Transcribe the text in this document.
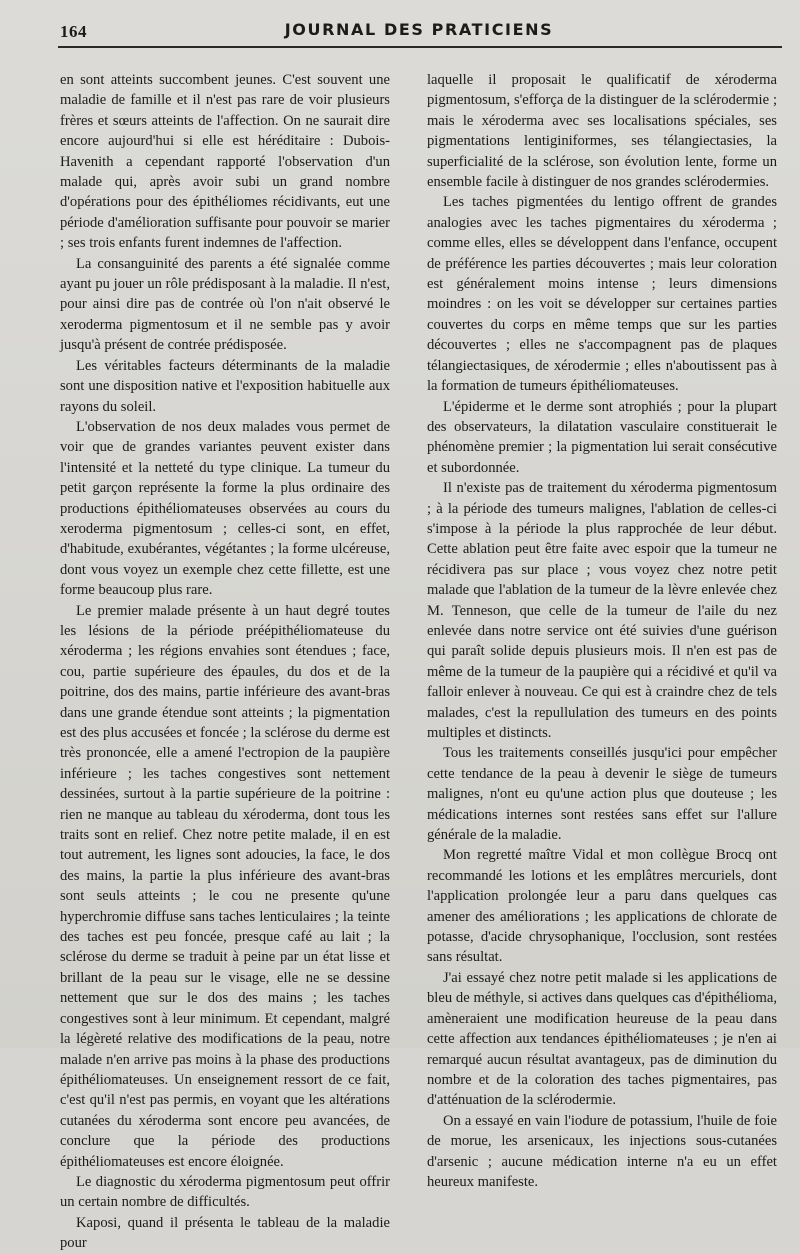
164	JOURNAL DES PRATICIENS

en sont atteints succombent jeunes. C'est souvent une maladie de famille et il n'est pas rare de voir plusieurs frères et sœurs atteints de l'affection. On ne saurait dire encore aujourd'hui si elle est héréditaire : Dubois-Havenith a cependant rapporté l'observation d'un malade qui, après avoir subi un grand nombre d'opérations pour des épithéliomes récidivants, eut une période d'amélioration suffisante pour pouvoir se marier ; ses trois enfants furent indemnes de l'affection.

La consanguinité des parents a été signalée comme ayant pu jouer un rôle prédisposant à la maladie. Il n'est, pour ainsi dire pas de contrée où l'on n'ait observé le xeroderma pigmentosum et il ne semble pas y avoir jusqu'à présent de contrée prédisposée.

Les véritables facteurs déterminants de la maladie sont une disposition native et l'exposition habituelle aux rayons du soleil.

L'observation de nos deux malades vous permet de voir que de grandes variantes peuvent exister dans l'intensité et la netteté du type clinique. La tumeur du petit garçon représente la forme la plus ordinaire des productions épithéliomateuses observées au cours du xeroderma pigmentosum ; celles-ci sont, en effet, d'habitude, exubérantes, végétantes ; la forme ulcéreuse, dont vous voyez un exemple chez cette fillette, est une forme beaucoup plus rare.

Le premier malade présente à un haut degré toutes les lésions de la période préépithéliomateuse du xéroderma ; les régions envahies sont étendues ; face, cou, partie supérieure des épaules, du dos et de la poitrine, dos des mains, partie inférieure des avant-bras dans une grande étendue sont atteints ; la pigmentation est des plus accusées et foncée ; la sclérose du derme est très prononcée, elle a amené l'ectropion de la paupière inférieure ; les taches congestives sont nettement dessinées, surtout à la partie supérieure de la poitrine : rien ne manque au tableau du xéroderma, dont tous les traits sont en relief. Chez notre petite malade, il en est tout autrement, les lignes sont adoucies, la face, le dos des mains, la partie la plus inférieure des avant-bras sont seuls atteints ; le cou ne presente qu'une hyperchromie diffuse sans taches lenticulaires ; la teinte des taches est peu foncée, presque café au lait ; la sclérose du derme se traduit à peine par un état lisse et brillant de la peau sur le visage, elle ne se dessine nettement que sur le dos des mains ; les taches congestives sont à leur minimum. Et cependant, malgré la légèreté relative des modifications de la peau, notre malade n'en arrive pas moins à la phase des productions épithéliomateuses. Un enseignement ressort de ce fait, c'est qu'il n'est pas permis, en voyant que les altérations cutanées du xéroderma sont encore peu avancées, de conclure que la période des productions épithéliomateuses est encore éloignée.

Le diagnostic du xéroderma pigmentosum peut offrir un certain nombre de difficultés.

Kaposi, quand il présenta le tableau de la maladie pour

laquelle il proposait le qualificatif de xéroderma pigmentosum, s'efforça de la distinguer de la sclérodermie ; mais le xéroderma avec ses localisations spéciales, ses pigmentations lentiginiformes, ses télangiectasies, la superficialité de la sclérose, son évolution lente, forme un ensemble facile à distinguer de nos grandes sclérodermies.

Les taches pigmentées du lentigo offrent de grandes analogies avec les taches pigmentaires du xéroderma ; comme elles, elles se développent dans l'enfance, occupent de préférence les parties découvertes ; mais leur coloration est généralement moins intense ; leurs dimensions moindres : on les voit se développer sur certaines parties couvertes du corps en même temps que sur les parties découvertes ; elles ne s'accompagnent pas de plaques télangiectasiques, de xérodermie ; elles n'aboutissent pas à la formation de tumeurs épithéliomateuses.

L'épiderme et le derme sont atrophiés ; pour la plupart des observateurs, la dilatation vasculaire constituerait le phénomène premier ; la pigmentation lui serait consécutive et subordonnée.

Il n'existe pas de traitement du xéroderma pigmentosum ; à la période des tumeurs malignes, l'ablation de celles-ci s'impose à la période la plus rapprochée de leur début. Cette ablation peut être faite avec espoir que la tumeur ne récidivera pas sur place ; vous voyez chez notre petit malade que l'ablation de la tumeur de la lèvre enlevée chez M. Tenneson, que celle de la tumeur de l'aile du nez enlevée dans notre service ont été suivies d'une guérison qui paraît solide depuis plusieurs mois. Il n'en est pas de même de la tumeur de la paupière qui a récidivé et qu'il va falloir enlever à nouveau. Ce qui est à craindre chez de tels malades, c'est la repullulation des tumeurs en des points multiples et distincts.

Tous les traitements conseillés jusqu'ici pour empêcher cette tendance de la peau à devenir le siège de tumeurs malignes, n'ont eu qu'une action plus que douteuse ; les médications internes sont restées sans effet sur l'allure générale de la maladie.

Mon regretté maître Vidal et mon collègue Brocq ont recommandé les lotions et les emplâtres mercuriels, dont l'application prolongée leur a paru dans quelques cas amener des améliorations ; les applications de chlorate de potasse, d'acide chrysophanique, l'occlusion, sont restées sans résultat.

J'ai essayé chez notre petit malade si les applications de bleu de méthyle, si actives dans quelques cas d'épithélioma, amèneraient une modification heureuse de la peau dans cette affection aux tendances épithéliomateuses ; je n'en ai remarqué aucun résultat avantageux, pas de diminution du nombre et de la coloration des taches pigmentaires, pas d'atténuation de la sclérodermie.

On a essayé en vain l'iodure de potassium, l'huile de foie de morue, les arsenicaux, les injections sous-cutanées d'arsenic ; aucune médication interne n'a eu un effet heureux manifeste.
